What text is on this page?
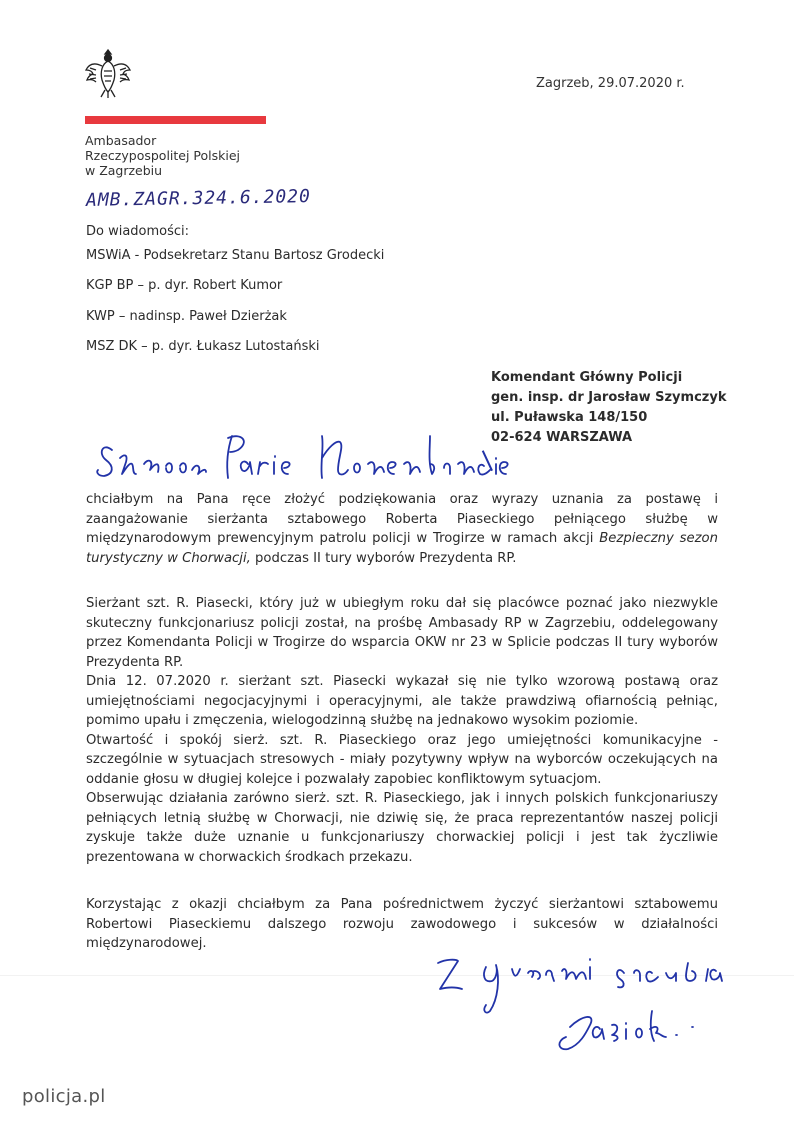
Ambasador
Rzeczypospolitej Polskiej
w Zagrzebiu
Zagrzeb, 29.07.2020 r.
AMB.ZAGR.324.6.2020
Do wiadomości:
MSWiA - Podsekretarz Stanu Bartosz Grodecki
KGP BP – p. dyr. Robert Kumor
KWP – nadinsp. Paweł Dzierżak
MSZ DK – p. dyr. Łukasz Lutostański
Komendant Główny Policji
gen. insp. dr Jarosław Szymczyk
ul. Puławska 148/150
02-624 WARSZAWA

chciałbym na Pana ręce złożyć podziękowania oraz wyrazy uznania za postawę i zaangażowanie sierżanta sztabowego Roberta Piaseckiego pełniącego służbę w międzynarodowym prewencyjnym patrolu policji w Trogirze w ramach akcji Bezpieczny sezon turystyczny w Chorwacji, podczas II tury wyborów Prezydenta RP.

Sierżant szt. R. Piasecki, który już w ubiegłym roku dał się placówce poznać jako niezwykle skuteczny funkcjonariusz policji został, na prośbę Ambasady RP w Zagrzebiu, oddelegowany przez Komendanta Policji w Trogirze do wsparcia OKW nr 23 w Splicie podczas II tury wyborów Prezydenta RP.

Dnia 12. 07.2020 r. sierżant szt. Piasecki wykazał się nie tylko wzorową postawą oraz umiejętnościami negocjacyjnymi i operacyjnymi, ale także prawdziwą ofiarnością pełniąc, pomimo upału i zmęczenia, wielogodzinną służbę na jednakowo wysokim poziomie.

Otwartość i spokój sierż. szt. R. Piaseckiego oraz jego umiejętności komunikacyjne - szczególnie w sytuacjach stresowych - miały pozytywny wpływ na wyborców oczekujących na oddanie głosu w długiej kolejce i pozwalały zapobiec konfliktowym sytuacjom.

Obserwując działania zarówno sierż. szt. R. Piaseckiego, jak i innych polskich funkcjonariuszy pełniących letnią służbę w Chorwacji, nie dziwię się, że praca reprezentantów naszej policji zyskuje także duże uznanie u funkcjonariuszy chorwackiej policji i jest tak życzliwie prezentowana w chorwackich środkach przekazu.

Korzystając z okazji chciałbym za Pana pośrednictwem życzyć sierżantowi sztabowemu Robertowi Piaseckiemu dalszego rozwoju zawodowego i sukcesów w działalności międzynarodowej.

policja.pl
